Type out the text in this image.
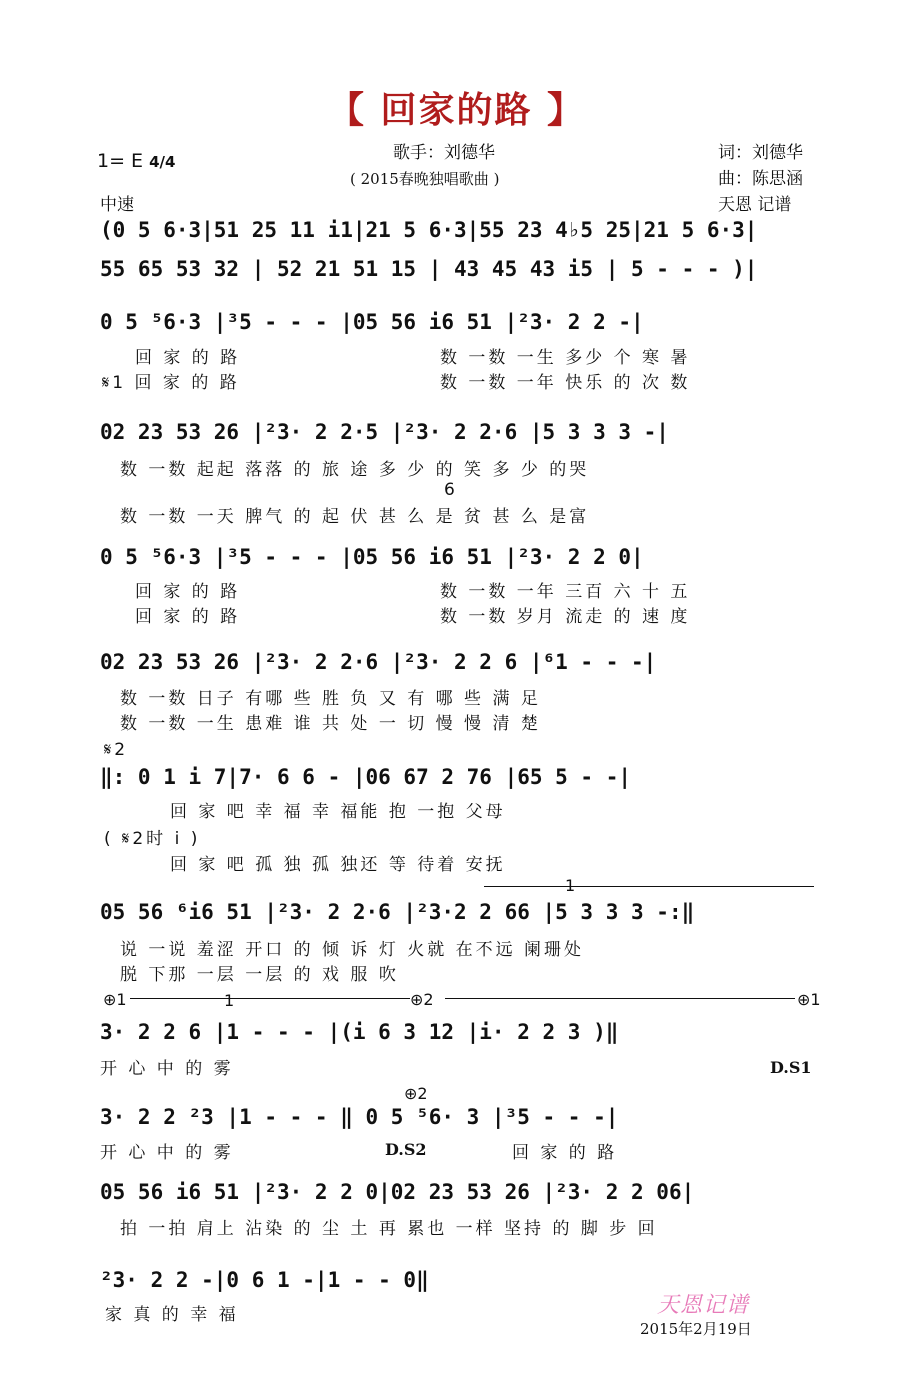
【 回家的路 】
1= E 4/4
中速
歌手：刘德华
( 2015春晚独唱歌曲 )
词：刘德华
曲：陈思涵
天恩 记谱
(0 5 6·3|51 25 11 i1|21 5 6·3|55 23 4♭5 25|21 5 6·3|
55 65 53 32 | 52 21 51 15 | 43 45 43 i5 | 5 - - - )|
0 5 ⁵6·3 |³5 - - - |05 56 i6 51 |²3· 2 2 -|
02 23 53 26 |²3· 2 2·5 |²3· 2 2·6 |5 3 3 3 -|
0 5 ⁵6·3 |³5 - - - |05 56 i6 51 |²3· 2 2 0|
02 23 53 26 |²3· 2 2·6 |²3· 2 2 6 |⁶1 - - -|
‖: 0 1 i 7|7· 6 6 - |06 67 2 76 |65 5 - -|
05 56 ⁶i6 51 |²3· 2 2·6 |²3·2 2 66 |5 3 3 3 -:‖
3· 2 2 6 |1 - - - |(i 6 3 12 |i· 2 2 3 )‖
3· 2 2 ²3 |1 - - - ‖ 0 5 ⁵6· 3 |³5 - - -|
05 56 i6 51 |²3· 2 2 0|02 23 53 26 |²3· 2 2 06|
²3· 2 2 -|0 6 1 -|1 - - 0‖
回 家 的 路	数 一数 一生 多少 个 寒 暑
𝄋1 回 家 的 路	数 一数 一年 快乐 的 次 数
数 一数 起起 落落 的 旅 途 多 少 的 笑 多 少 的哭
6
数 一数 一天 脾气 的 起 伏 甚 么 是 贫 甚 么 是富
回 家 的 路	数 一数 一年 三百 六 十 五
回 家 的 路	数 一数 岁月 流走 的 速 度
数 一数 日子 有哪 些 胜 负 又 有 哪 些 满 足
数 一数 一生 患难 谁 共 处 一 切 慢 慢 清 楚
𝄋2
回 家 吧 幸 福 幸 福能 抱 一抱 父母
( 𝄋2时 i )
回 家 吧 孤 独 孤 独还 等 待着 安抚
说 一说 羞涩 开口 的 倾 诉 灯 火就 在不远 阑珊处
脱 下那 一层 一层 的 戏 服 吹
开 心 中 的 雾
开 心 中 的 雾	回 家 的 路
拍 一拍 肩上 沾染 的 尘 土 再 累也 一样 坚持 的 脚 步 回
家 真 的 幸 福
1
⊕1	1	⊕2	⊕1
D.S1
⊕2
D.S2
天恩记谱
2015年2月19日
